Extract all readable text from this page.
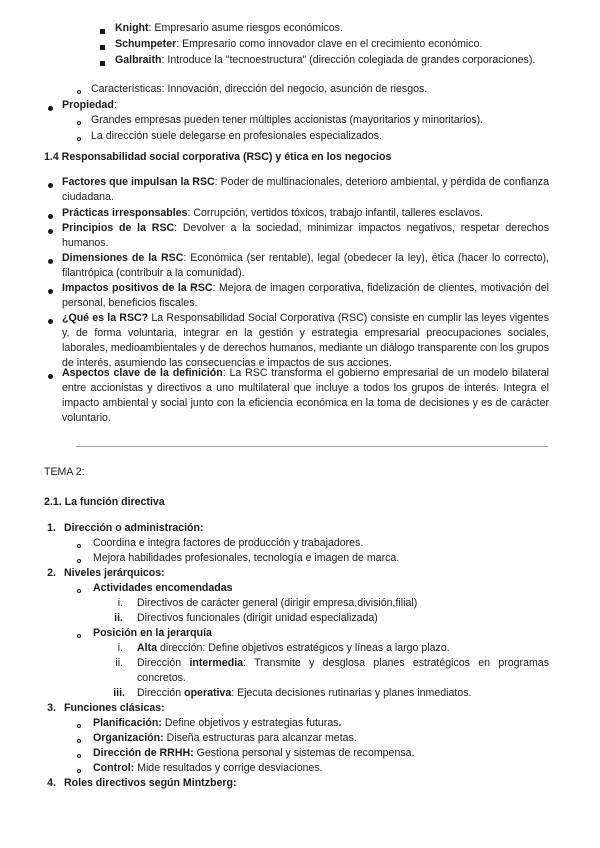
Knight: Empresario asume riesgos económicos.
Schumpeter: Empresario como innovador clave en el crecimiento económico.
Galbraith: Introduce la "tecnoestructura" (dirección colegiada de grandes corporaciones).
Características: Innovación, dirección del negocio, asunción de riesgos.
Propiedad:
Grandes empresas pueden tener múltiples accionistas (mayoritarios y minoritarios).
La dirección suele delegarse en profesionales especializados.
1.4 Responsabilidad social corporativa (RSC) y ética en los negocios
Factores que impulsan la RSC: Poder de multinacionales, deterioro ambiental, y pérdida de confianza ciudadana.
Prácticas irresponsables: Corrupción, vertidos tóxicos, trabajo infantil, talleres esclavos.
Principios de la RSC: Devolver a la sociedad, minimizar impactos negativos, respetar derechos humanos.
Dimensiones de la RSC: Económica (ser rentable), legal (obedecer la ley), ética (hacer lo correcto), filantrópica (contribuir a la comunidad).
Impactos positivos de la RSC: Mejora de imagen corporativa, fidelización de clientes, motivación del personal, beneficios fiscales.
¿Qué es la RSC? La Responsabilidad Social Corporativa (RSC) consiste en cumplir las leyes vigentes y, de forma voluntaria, integrar en la gestión y estrategia empresarial preocupaciones sociales, laborales, medioambientales y de derechos humanos, mediante un diálogo transparente con los grupos de interés, asumiendo las consecuencias e impactos de sus acciones.
Aspectos clave de la definición: La RSC transforma el gobierno empresarial de un modelo bilateral entre accionistas y directivos a uno multilateral que incluye a todos los grupos de interés. Integra el impacto ambiental y social junto con la eficiencia económica en la toma de decisiones y es de carácter voluntario.
TEMA 2:
2.1. La función directiva
1. Dirección o administración:
Coordina e integra factores de producción y trabajadores.
Mejora habilidades profesionales, tecnología e imagen de marca.
2. Niveles jerárquicos:
Actividades encomendadas
i. Directivos de carácter general (dirigir empresa,división,filial)
ii. Directivos funcionales (dirigir unidad especializada)
Posición en la jerarquía
i. Alta dirección: Define objetivos estratégicos y líneas a largo plazo.
ii. Dirección intermedia: Transmite y desglosa planes estratégicos en programas concretos.
iii. Dirección operativa: Ejecuta decisiones rutinarias y planes inmediatos.
3. Funciones clásicas:
Planificación: Define objetivos y estrategias futuras.
Organización: Diseña estructuras para alcanzar metas.
Dirección de RRHH: Gestiona personal y sistemas de recompensa.
Control: Mide resultados y corrige desviaciones.
4. Roles directivos según Mintzberg:
